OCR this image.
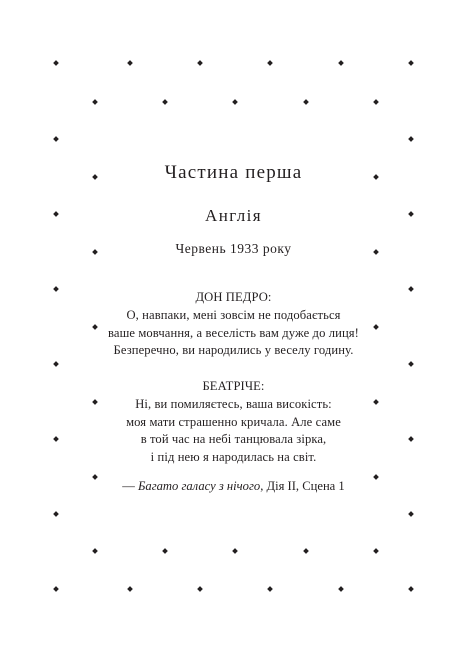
Частина перша
Англія
Червень 1933 року
ДОН ПЕДРО:
О, навпаки, мені зовсім не подобається
ваше мовчання, а веселість вам дуже до лиця!
Безперечно, ви народились у веселу годину.
БЕАТРІЧЕ:
Ні, ви помиляєтесь, ваша високість:
моя мати страшенно кричала. Але саме
в той час на небі танцювала зірка,
і під нею я народилась на світ.
— Багато галасу з нічого, Дія II, Сцена 1
